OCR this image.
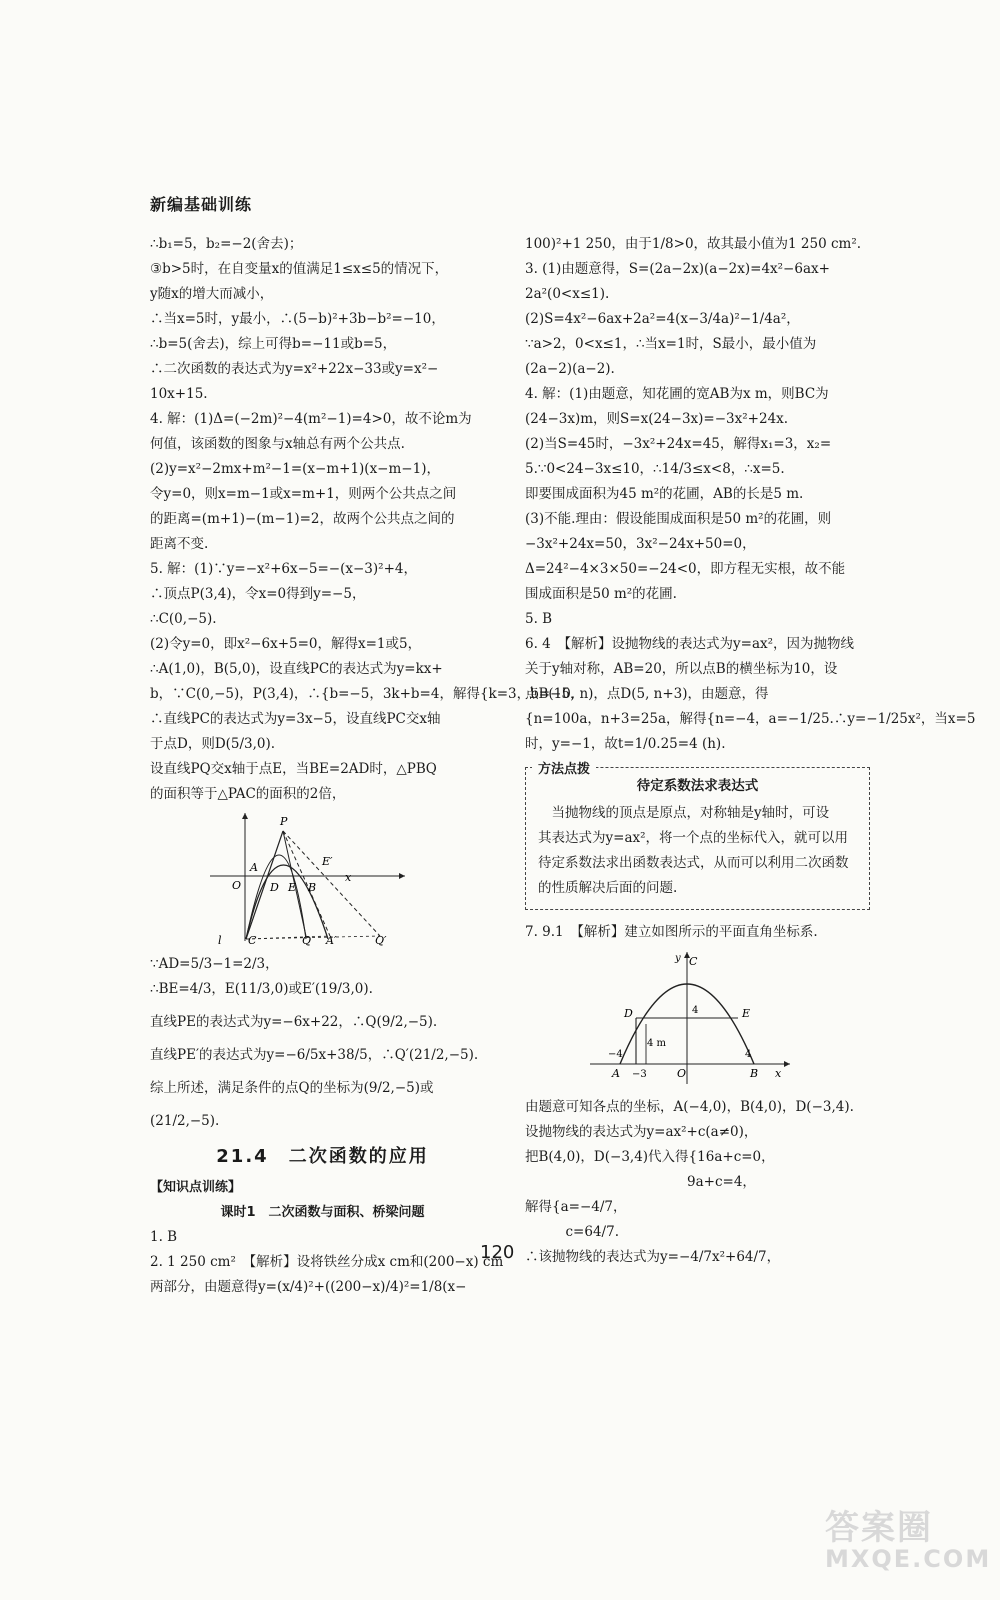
新编基础训练
∴b₁=5，b₂=−2(舍去)；
③b>5时，在自变量x的值满足1≤x≤5的情况下，
y随x的增大而减小，
∴当x=5时，y最小，∴(5−b)²+3b−b²=−10，
∴b=5(舍去)，综上可得b=−11或b=5，
∴二次函数的表达式为y=x²+22x−33或y=x²−
10x+15.
4. 解：(1)Δ=(−2m)²−4(m²−1)=4>0，故不论m为
何值，该函数的图象与x轴总有两个公共点.
(2)y=x²−2mx+m²−1=(x−m+1)(x−m−1)，
令y=0，则x=m−1或x=m+1，则两个公共点之间
的距离=(m+1)−(m−1)=2，故两个公共点之间的
距离不变.
5. 解：(1)∵y=−x²+6x−5=−(x−3)²+4，
∴顶点P(3,4)，令x=0得到y=−5，
∴C(0,−5).
(2)令y=0，即x²−6x+5=0，解得x=1或5，
∴A(1,0)，B(5,0)，设直线PC的表达式为y=kx+
b，∵C(0,−5)，P(3,4)，∴{b=−5，3k+b=4，解得{k=3，b=−5，
∴直线PC的表达式为y=3x−5，设直线PC交x轴
于点D，则D(5/3,0).
设直线PQ交x轴于点E，当BE=2AD时，△PBQ
的面积等于△PAC的面积的2倍，
P
O
A
D E B
E′
x
l C	Q A′	Q′
∵AD=5/3−1=2/3，
∴BE=4/3，E(11/3,0)或E′(19/3,0).
直线PE的表达式为y=−6x+22，∴Q(9/2,−5).
直线PE′的表达式为y=−6/5x+38/5，∴Q′(21/2,−5).
综上所述，满足条件的点Q的坐标为(9/2,−5)或
(21/2,−5).
21.4　二次函数的应用
【知识点训练】
课时1　二次函数与面积、桥梁问题
1. B
2. 1 250 cm²　【解析】设将铁丝分成x cm和(200−x) cm
两部分，由题意得y=(x/4)²+((200−x)/4)²=1/8(x−
100)²+1 250，由于1/8>0，故其最小值为1 250 cm².
3. (1)由题意得，S=(2a−2x)(a−2x)=4x²−6ax+
2a²(0<x≤1).
(2)S=4x²−6ax+2a²=4(x−3/4a)²−1/4a²，
∵a>2，0<x≤1，∴当x=1时，S最小，最小值为
(2a−2)(a−2).
4. 解：(1)由题意，知花圃的宽AB为x m，则BC为
(24−3x)m，则S=x(24−3x)=−3x²+24x.
(2)当S=45时，−3x²+24x=45，解得x₁=3，x₂=
5.∵0<24−3x≤10，∴14/3≤x<8，∴x=5.
即要围成面积为45 m²的花圃，AB的长是5 m.
(3)不能.理由：假设能围成面积是50 m²的花圃，则
−3x²+24x=50，3x²−24x+50=0，
Δ=24²−4×3×50=−24<0，即方程无实根，故不能
围成面积是50 m²的花圃.
5. B
6. 4　【解析】设抛物线的表达式为y=ax²，因为抛物线
关于y轴对称，AB=20，所以点B的横坐标为10，设
点B(10, n)，点D(5, n+3)，由题意，得
{n=100a，n+3=25a，解得{n=−4，a=−1/25.∴y=−1/25x²，当x=5
时，y=−1，故t=1/0.25=4 (h).
方法点拨
待定系数法求表达式
　当抛物线的顶点是原点，对称轴是y轴时，可设
其表达式为y=ax²，将一个点的坐标代入，就可以用
待定系数法求出函数表达式，从而可以利用二次函数
的性质解决后面的问题.
7. 9.1　【解析】建立如图所示的平面直角坐标系.
C
y
D	E
4
4 m
−4	4
A −3	O	B x
由题意可知各点的坐标，A(−4,0)，B(4,0)，D(−3,4).
设抛物线的表达式为y=ax²+c(a≠0)，
把B(4,0)，D(−3,4)代入得{16a+c=0，
　　　　　　　　　　　　9a+c=4，
解得{a=−4/7，
　　　c=64/7.
∴该抛物线的表达式为y=−4/7x²+64/7，
120
答案圈
MXQE.COM
